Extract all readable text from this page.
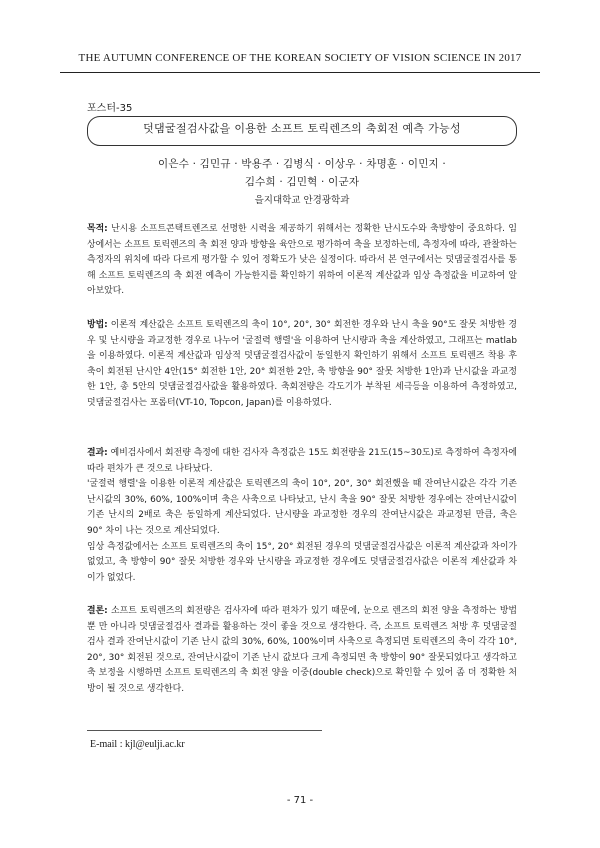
THE AUTUMN CONFERENCE OF THE KOREAN SOCIETY OF VISION SCIENCE IN 2017
포스터-35
덧댐굴절검사값을 이용한 소프트 토릭렌즈의 축회전 예측 가능성
이은수 · 김민규 · 박용주 · 김병식 · 이상우 · 차명훈 · 이민지 ·
김수희 · 김민혁 · 이군자
을지대학교 안경광학과

목적: 난시용 소프트콘택트렌즈로 선명한 시력을 제공하기 위해서는 정확한 난시도수와 축방향이 중요하다. 임상에서는 소프트 토릭렌즈의 축 회전 양과 방향을 육안으로 평가하여 축을 보정하는데, 측정자에 따라, 관찰하는 측정자의 위치에 따라 다르게 평가할 수 있어 정확도가 낮은 실정이다. 따라서 본 연구에서는 덧댐굴절검사를 통해 소프트 토릭렌즈의 축 회전 예측이 가능한지를 확인하기 위하여 이론적 계산값과 임상 측정값을 비교하여 알아보았다.

방법: 이론적 계산값은 소프트 토릭렌즈의 축이 10°, 20°, 30° 회전한 경우와 난시 축을 90°도 잘못 처방한 경우 및 난시량을 과교정한 경우로 나누어 '굴절력 행렬'을 이용하여 난시량과 축을 계산하였고, 그래프는 matlab을 이용하였다. 이론적 계산값과 임상적 덧댐굴절검사값이 동일한지 확인하기 위해서 소프트 토릭렌즈 착용 후 축이 회전된 난시안 4안(15° 회전한 1안, 20° 회전한 2안, 축 방향을 90° 잘못 처방한 1안)과 난시값을 과교정한 1안, 총 5안의 덧댐굴절검사값을 활용하였다. 축회전량은 각도기가 부착된 세극등을 이용하여 측정하였고, 덧댐굴절검사는 포롭터(VT-10, Topcon, Japan)를 이용하였다.

결과: 예비검사에서 회전량 측정에 대한 검사자 측정값은 15도 회전량을 21도(15~30도)로 측정하여 측정자에 따라 편차가 큰 것으로 나타났다.

'굴절력 행렬'을 이용한 이론적 계산값은 토릭렌즈의 축이 10°, 20°, 30° 회전했을 때 잔여난시값은 각각 기존 난시값의 30%, 60%, 100%이며 축은 사축으로 나타났고, 난시 축을 90° 잘못 처방한 경우에는 잔여난시값이 기존 난시의 2배로 축은 동일하게 계산되었다. 난시량을 과교정한 경우의 잔여난시값은 과교정된 만큼, 축은 90° 차이 나는 것으로 계산되었다.

임상 측정값에서는 소프트 토릭렌즈의 축이 15°, 20° 회전된 경우의 덧댐굴절검사값은 이론적 계산값과 차이가 없었고, 축 방향이 90° 잘못 처방한 경우와 난시량을 과교정한 경우에도 덧댐굴절검사값은 이론적 계산값과 차이가 없었다.

결론: 소프트 토릭렌즈의 회전량은 검사자에 따라 편차가 있기 때문에, 눈으로 렌즈의 회전 양을 측정하는 방법 뿐 만 아니라 덧댐굴절검사 결과를 활용하는 것이 좋을 것으로 생각한다. 즉, 소프트 토릭렌즈 처방 후 덧댐굴절검사 결과 잔여난시값이 기존 난시 값의 30%, 60%, 100%이며 사축으로 측정되면 토릭렌즈의 축이 각각 10°, 20°, 30° 회전된 것으로, 잔여난시값이 기존 난시 값보다 크게 측정되면 축 방향이 90° 잘못되었다고 생각하고 축 보정을 시행하면 소프트 토릭렌즈의 축 회전 양을 이중(double check)으로 확인할 수 있어 좀 더 정확한 처방이 될 것으로 생각한다.

E-mail : kjl@eulji.ac.kr
- 71 -
